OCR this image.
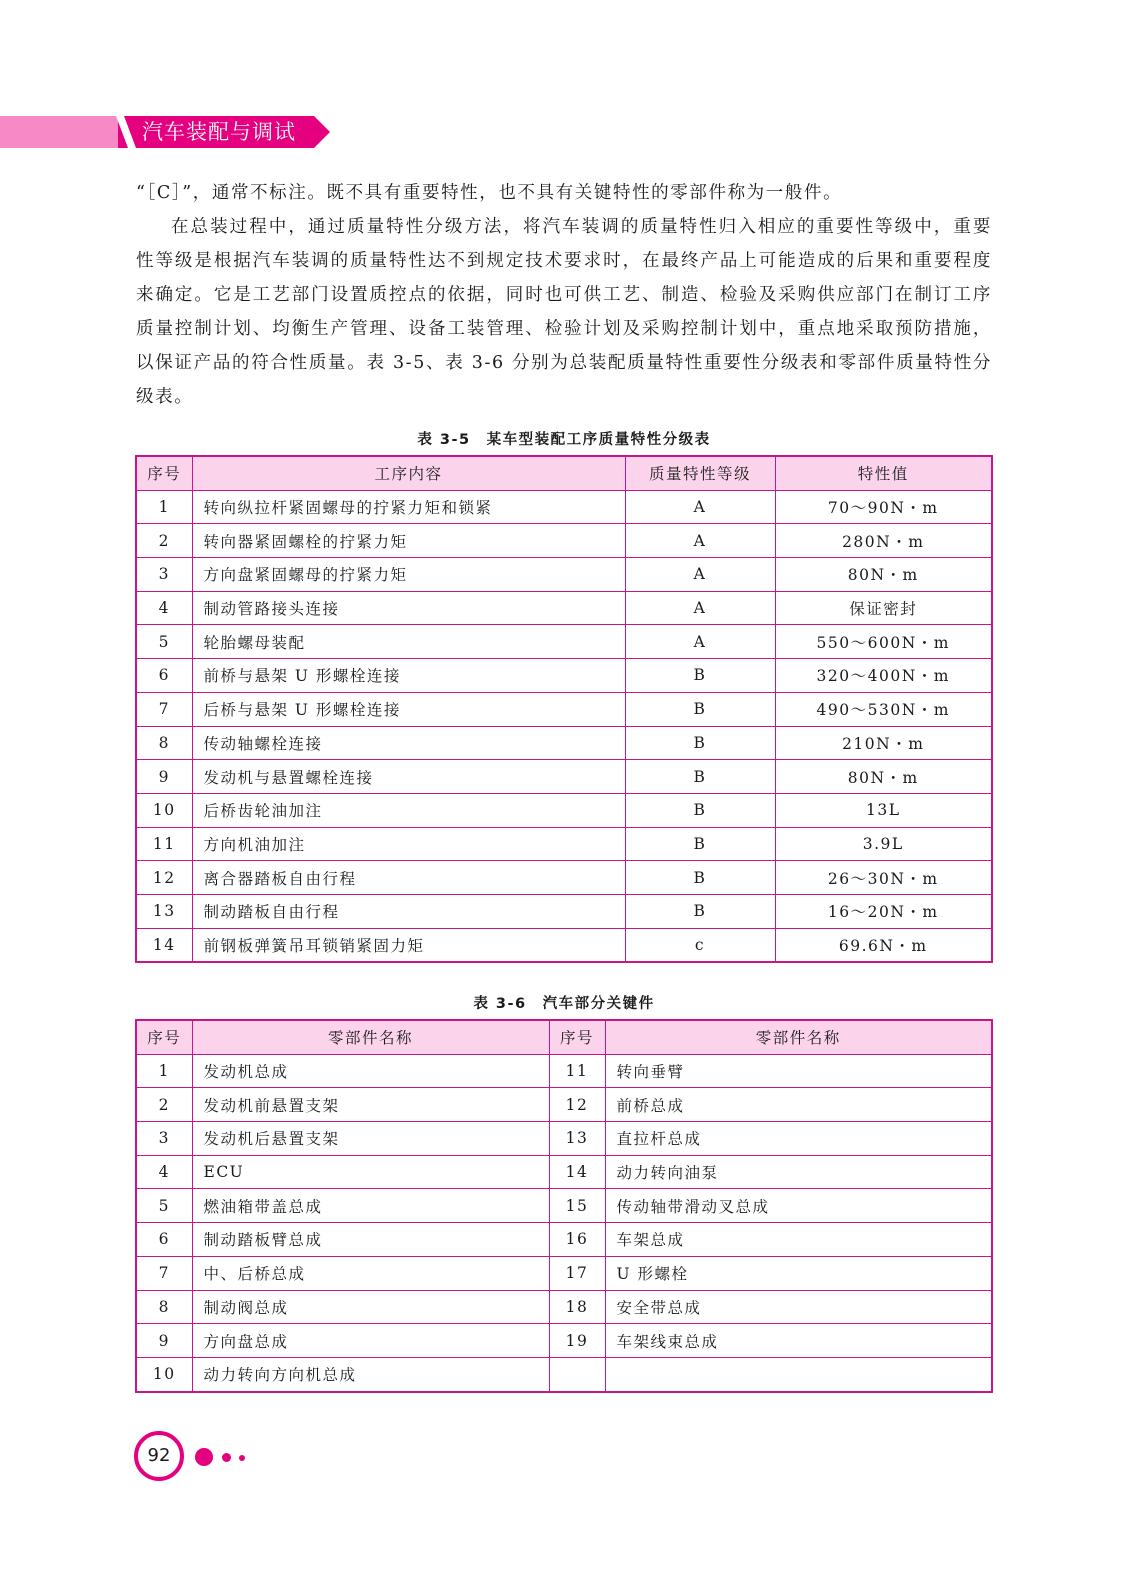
汽车装配与调试

“［C］”，通常不标注。既不具有重要特性，也不具有关键特性的零部件称为一般件。

在总装过程中，通过质量特性分级方法，将汽车装调的质量特性归入相应的重要性等级中，重要性等级是根据汽车装调的质量特性达不到规定技术要求时，在最终产品上可能造成的后果和重要程度来确定。它是工艺部门设置质控点的依据，同时也可供工艺、制造、检验及采购供应部门在制订工序质量控制计划、均衡生产管理、设备工装管理、检验计划及采购控制计划中，重点地采取预防措施，以保证产品的符合性质量。表 3-5、表 3-6 分别为总装配质量特性重要性分级表和零部件质量特性分级表。

表 3-5　某车型装配工序质量特性分级表
序号	工序内容	质量特性等级	特性值
1	转向纵拉杆紧固螺母的拧紧力矩和锁紧	A	70～90N・m
2	转向器紧固螺栓的拧紧力矩	A	280N・m
3	方向盘紧固螺母的拧紧力矩	A	80N・m
4	制动管路接头连接	A	保证密封
5	轮胎螺母装配	A	550～600N・m
6	前桥与悬架 U 形螺栓连接	B	320～400N・m
7	后桥与悬架 U 形螺栓连接	B	490～530N・m
8	传动轴螺栓连接	B	210N・m
9	发动机与悬置螺栓连接	B	80N・m
10	后桥齿轮油加注	B	13L
11	方向机油加注	B	3.9L
12	离合器踏板自由行程	B	26～30N・m
13	制动踏板自由行程	B	16～20N・m
14	前钢板弹簧吊耳锁销紧固力矩	c	69.6N・m
表 3-6　汽车部分关键件
序号	零部件名称	序号	零部件名称
1	发动机总成	11	转向垂臂
2	发动机前悬置支架	12	前桥总成
3	发动机后悬置支架	13	直拉杆总成
4	ECU	14	动力转向油泵
5	燃油箱带盖总成	15	传动轴带滑动叉总成
6	制动踏板臂总成	16	车架总成
7	中、后桥总成	17	U 形螺栓
8	制动阀总成	18	安全带总成
9	方向盘总成	19	车架线束总成
10	动力转向方向机总成		
92
